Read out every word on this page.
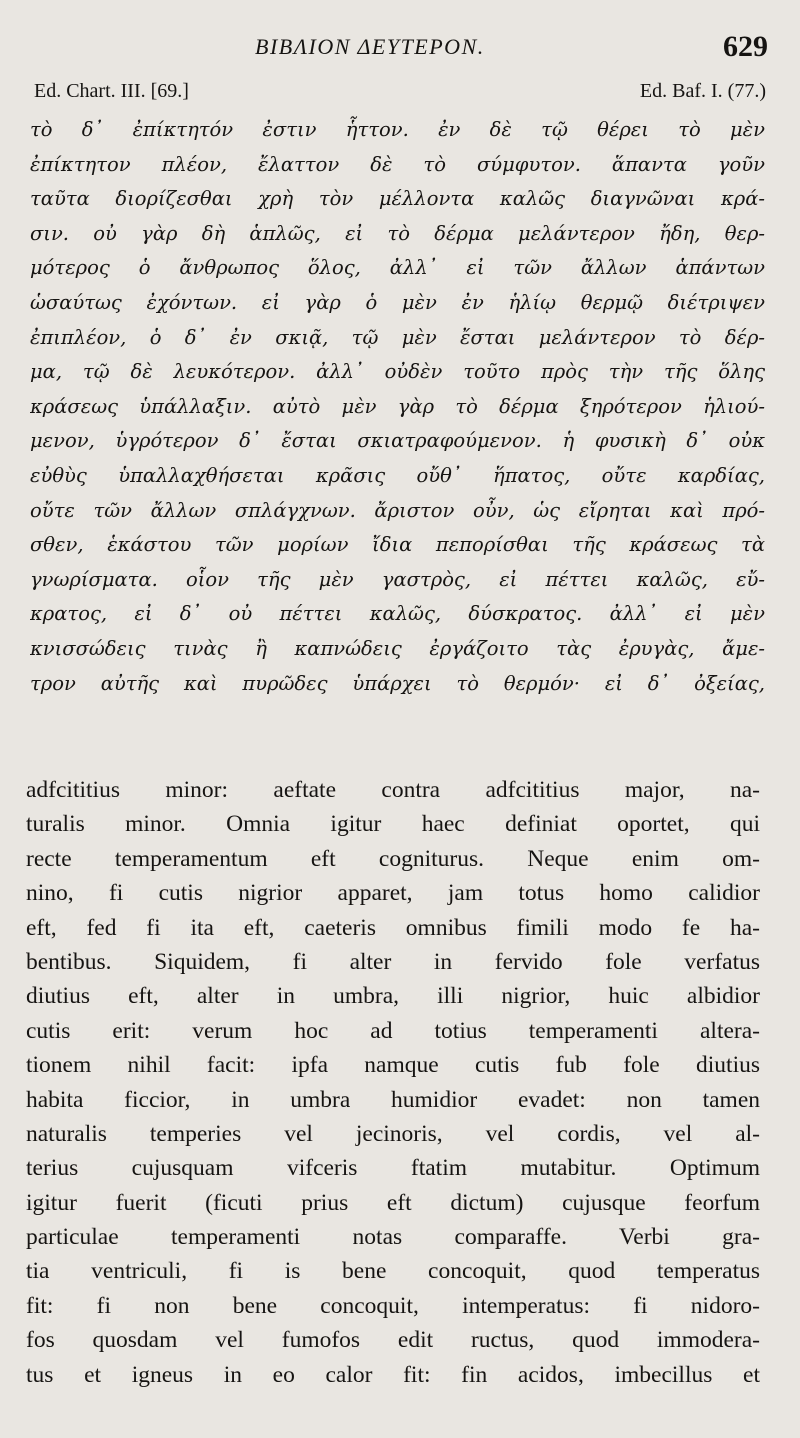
ΒΙΒΛΙΟΝ ΔΕΥΤΕΡΟΝ.	629
Ed. Chart. III. [69.]	Ed. Baf. I. (77.)
τὸ δ᾽ ἐπίκτητόν ἐστιν ἧττον. ἐν δὲ τῷ θέρει τὸ μὲν
ἐπίκτητον πλέον, ἔλαττον δὲ τὸ σύμφυτον. ἅπαντα γοῦν
ταῦτα διορίζεσθαι χρὴ τὸν μέλλοντα καλῶς διαγνῶναι κρά-
σιν. οὐ γὰρ δὴ ἁπλῶς, εἰ τὸ δέρμα μελάντερον ἤδη, θερ-
μότερος ὁ ἄνθρωπος ὅλος, ἀλλ᾽ εἰ τῶν ἄλλων ἁπάντων
ὡσαύτως ἐχόντων. εἰ γὰρ ὁ μὲν ἐν ἡλίῳ θερμῷ διέτριψεν
ἐπιπλέον, ὁ δ᾽ ἐν σκιᾷ, τῷ μὲν ἔσται μελάντερον τὸ δέρ-
μα, τῷ δὲ λευκότερον. ἀλλ᾽ οὐδὲν τοῦτο πρὸς τὴν τῆς ὅλης
κράσεως ὑπάλλαξιν. αὐτὸ μὲν γὰρ τὸ δέρμα ξηρότερον ἡλιού-
μενον, ὑγρότερον δ᾽ ἔσται σκιατραφούμενον. ἡ φυσικὴ δ᾽ οὐκ
εὐθὺς ὑπαλλαχθήσεται κρᾶσις οὔθ᾽ ἥπατος, οὔτε καρδίας,
οὔτε τῶν ἄλλων σπλάγχνων. ἄριστον οὖν, ὡς εἴρηται καὶ πρό-
σθεν, ἑκάστου τῶν μορίων ἴδια πεπορίσθαι τῆς κράσεως τὰ
γνωρίσματα. οἷον τῆς μὲν γαστρὸς, εἰ πέττει καλῶς, εὔ-
κρατος, εἰ δ᾽ οὐ πέττει καλῶς, δύσκρατος. ἀλλ᾽ εἰ μὲν
κνισσώδεις τινὰς ἢ καπνώδεις ἐργάζοιτο τὰς ἐρυγὰς, ἄμε-
τρον αὐτῆς καὶ πυρῶδες ὑπάρχει τὸ θερμόν· εἰ δ᾽ ὀξείας,
adfcititius minor: aeftate contra adfcititius major, na-
turalis minor. Omnia igitur haec definiat oportet, qui
recte temperamentum eft cogniturus. Neque enim om-
nino, fi cutis nigrior apparet, jam totus homo calidior
eft, fed fi ita eft, caeteris omnibus fimili modo fe ha-
bentibus. Siquidem, fi alter in fervido fole verfatus
diutius eft, alter in umbra, illi nigrior, huic albidior
cutis erit: verum hoc ad totius temperamenti altera-
tionem nihil facit: ipfa namque cutis fub fole diutius
habita ficcior, in umbra humidior evadet: non tamen
naturalis temperies vel jecinoris, vel cordis, vel al-
terius cujusquam vifceris ftatim mutabitur. Optimum
igitur fuerit (ficuti prius eft dictum) cujusque feorfum
particulae temperamenti notas comparaffe. Verbi gra-
tia ventriculi, fi is bene concoquit, quod temperatus
fit: fi non bene concoquit, intemperatus: fi nidoro-
fos quosdam vel fumofos edit ructus, quod immodera-
tus et igneus in eo calor fit: fin acidos, imbecillus et
